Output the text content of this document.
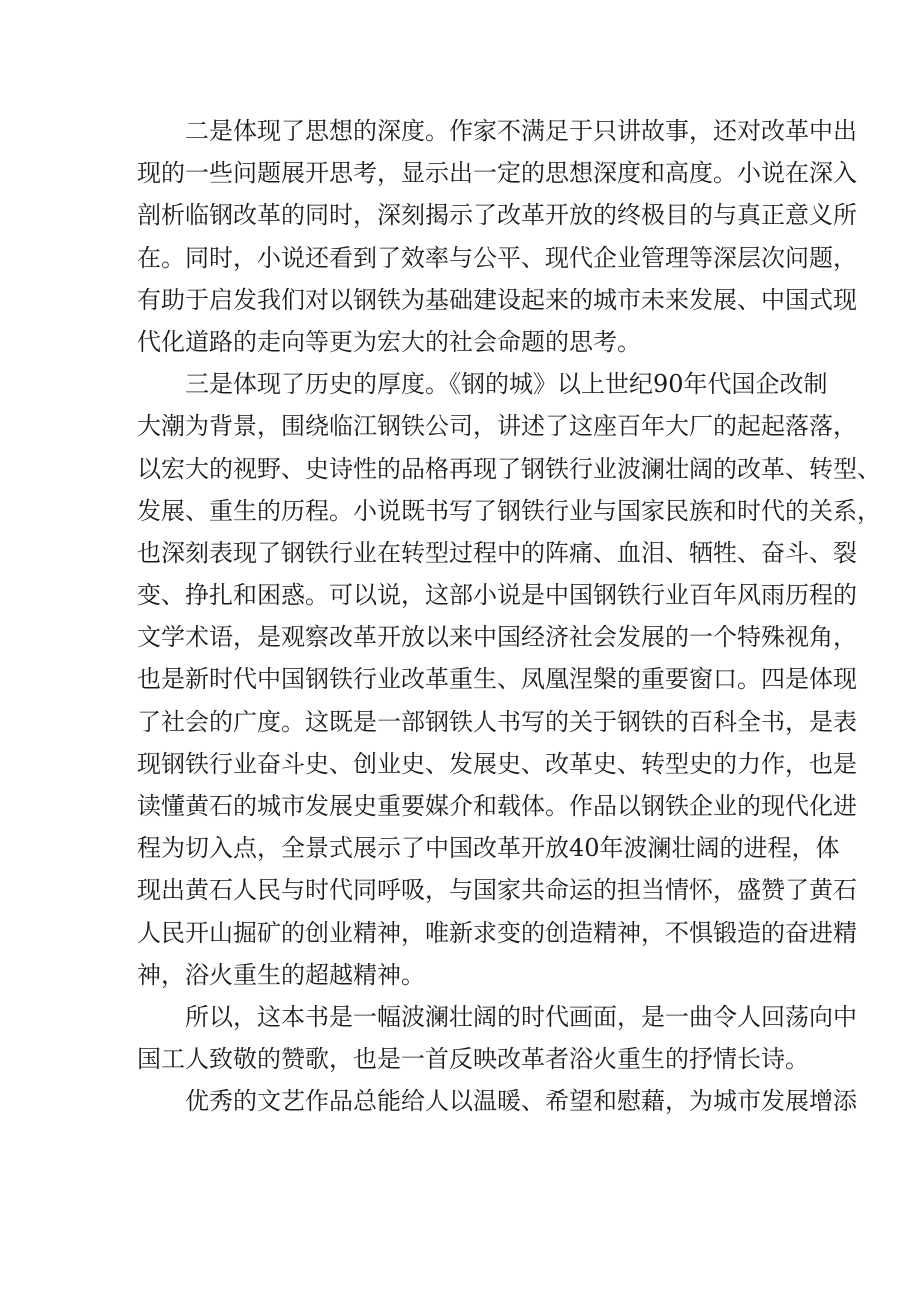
二是体现了思想的深度。作家不满足于只讲故事，还对改革中出
现的一些问题展开思考，显示出一定的思想深度和高度。小说在深入
剖析临钢改革的同时，深刻揭示了改革开放的终极目的与真正意义所
在。同时，小说还看到了效率与公平、现代企业管理等深层次问题，
有助于启发我们对以钢铁为基础建设起来的城市未来发展、中国式现
代化道路的走向等更为宏大的社会命题的思考。
三是体现了历史的厚度。《钢的城》以上世纪90年代国企改制
大潮为背景，围绕临江钢铁公司，讲述了这座百年大厂的起起落落，
以宏大的视野、史诗性的品格再现了钢铁行业波澜壮阔的改革、转型、
发展、重生的历程。小说既书写了钢铁行业与国家民族和时代的关系，
也深刻表现了钢铁行业在转型过程中的阵痛、血泪、牺牲、奋斗、裂
变、挣扎和困惑。可以说，这部小说是中国钢铁行业百年风雨历程的
文学术语，是观察改革开放以来中国经济社会发展的一个特殊视角，
也是新时代中国钢铁行业改革重生、凤凰涅槃的重要窗口。四是体现
了社会的广度。这既是一部钢铁人书写的关于钢铁的百科全书，是表
现钢铁行业奋斗史、创业史、发展史、改革史、转型史的力作，也是
读懂黄石的城市发展史重要媒介和载体。作品以钢铁企业的现代化进
程为切入点，全景式展示了中国改革开放40年波澜壮阔的进程，体
现出黄石人民与时代同呼吸，与国家共命运的担当情怀，盛赞了黄石
人民开山掘矿的创业精神，唯新求变的创造精神，不惧锻造的奋进精
神，浴火重生的超越精神。
所以，这本书是一幅波澜壮阔的时代画面，是一曲令人回荡向中
国工人致敬的赞歌，也是一首反映改革者浴火重生的抒情长诗。
优秀的文艺作品总能给人以温暖、希望和慰藉，为城市发展增添
